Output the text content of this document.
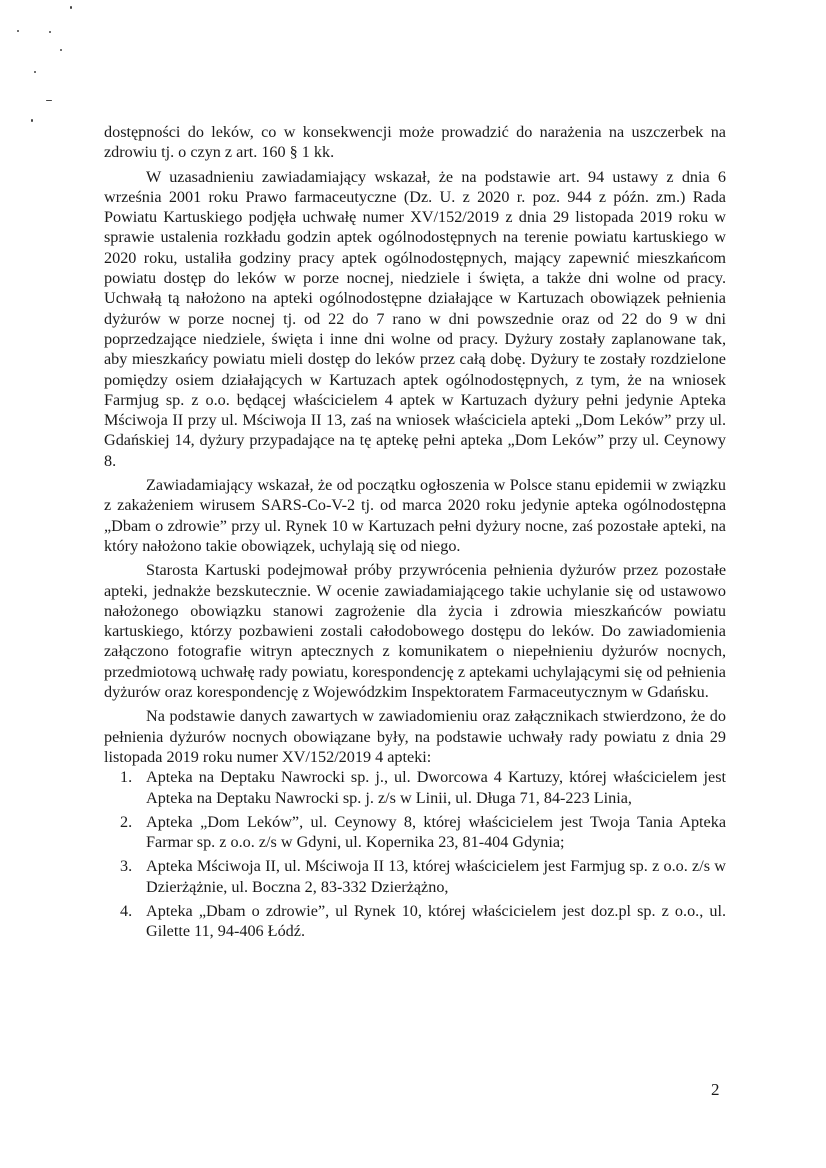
dostępności do leków, co w konsekwencji może prowadzić do narażenia na uszczerbek na zdrowiu tj. o czyn z art. 160 § 1 kk.

W uzasadnieniu zawiadamiający wskazał, że na podstawie art. 94 ustawy z dnia 6 września 2001 roku Prawo farmaceutyczne (Dz. U. z 2020 r. poz. 944 z późn. zm.) Rada Powiatu Kartuskiego podjęła uchwałę numer XV/152/2019 z dnia 29 listopada 2019 roku w sprawie ustalenia rozkładu godzin aptek ogólnodostępnych na terenie powiatu kartuskiego w 2020 roku, ustaliła godziny pracy aptek ogólnodostępnych, mający zapewnić mieszkańcom powiatu dostęp do leków w porze nocnej, niedziele i święta, a także dni wolne od pracy. Uchwałą tą nałożono na apteki ogólnodostępne działające w Kartuzach obowiązek pełnienia dyżurów w porze nocnej tj. od 22 do 7 rano w dni powszednie oraz od 22 do 9 w dni poprzedzające niedziele, święta i inne dni wolne od pracy. Dyżury zostały zaplanowane tak, aby mieszkańcy powiatu mieli dostęp do leków przez całą dobę. Dyżury te zostały rozdzielone pomiędzy osiem działających w Kartuzach aptek ogólnodostępnych, z tym, że na wniosek Farmjug sp. z o.o. będącej właścicielem 4 aptek w Kartuzach dyżury pełni jedynie Apteka Mściwoja II przy ul. Mściwoja II 13, zaś na wniosek właściciela apteki „Dom Leków” przy ul. Gdańskiej 14, dyżury przypadające na tę aptekę pełni apteka „Dom Leków” przy ul. Ceynowy 8.

Zawiadamiający wskazał, że od początku ogłoszenia w Polsce stanu epidemii w związku z zakażeniem wirusem SARS-Co-V-2 tj. od marca 2020 roku jedynie apteka ogólnodostępna „Dbam o zdrowie” przy ul. Rynek 10 w Kartuzach pełni dyżury nocne, zaś pozostałe apteki, na który nałożono takie obowiązek, uchylają się od niego.

Starosta Kartuski podejmował próby przywrócenia pełnienia dyżurów przez pozostałe apteki, jednakże bezskutecznie. W ocenie zawiadamiającego takie uchylanie się od ustawowo nałożonego obowiązku stanowi zagrożenie dla życia i zdrowia mieszkańców powiatu kartuskiego, którzy pozbawieni zostali całodobowego dostępu do leków. Do zawiadomienia załączono fotografie witryn aptecznych z komunikatem o niepełnieniu dyżurów nocnych, przedmiotową uchwałę rady powiatu, korespondencję z aptekami uchylającymi się od pełnienia dyżurów oraz korespondencję z Wojewódzkim Inspektoratem Farmaceutycznym w Gdańsku.

Na podstawie danych zawartych w zawiadomieniu oraz załącznikach stwierdzono, że do pełnienia dyżurów nocnych obowiązane były, na podstawie uchwały rady powiatu z dnia 29 listopada 2019 roku numer XV/152/2019 4 apteki:

1. Apteka na Deptaku Nawrocki sp. j., ul. Dworcowa 4 Kartuzy, której właścicielem jest Apteka na Deptaku Nawrocki sp. j. z/s w Linii, ul. Długa 71, 84-223 Linia,
2. Apteka „Dom Leków”, ul. Ceynowy 8, której właścicielem jest Twoja Tania Apteka Farmar sp. z o.o. z/s w Gdyni, ul. Kopernika 23, 81-404 Gdynia;
3. Apteka Mściwoja II, ul. Mściwoja II 13, której właścicielem jest Farmjug sp. z o.o. z/s w Dzierżążnie, ul. Boczna 2, 83-332 Dzierżążno,
4. Apteka „Dbam o zdrowie”, ul Rynek 10, której właścicielem jest doz.pl sp. z o.o., ul. Gilette 11, 94-406 Łódź.
2
